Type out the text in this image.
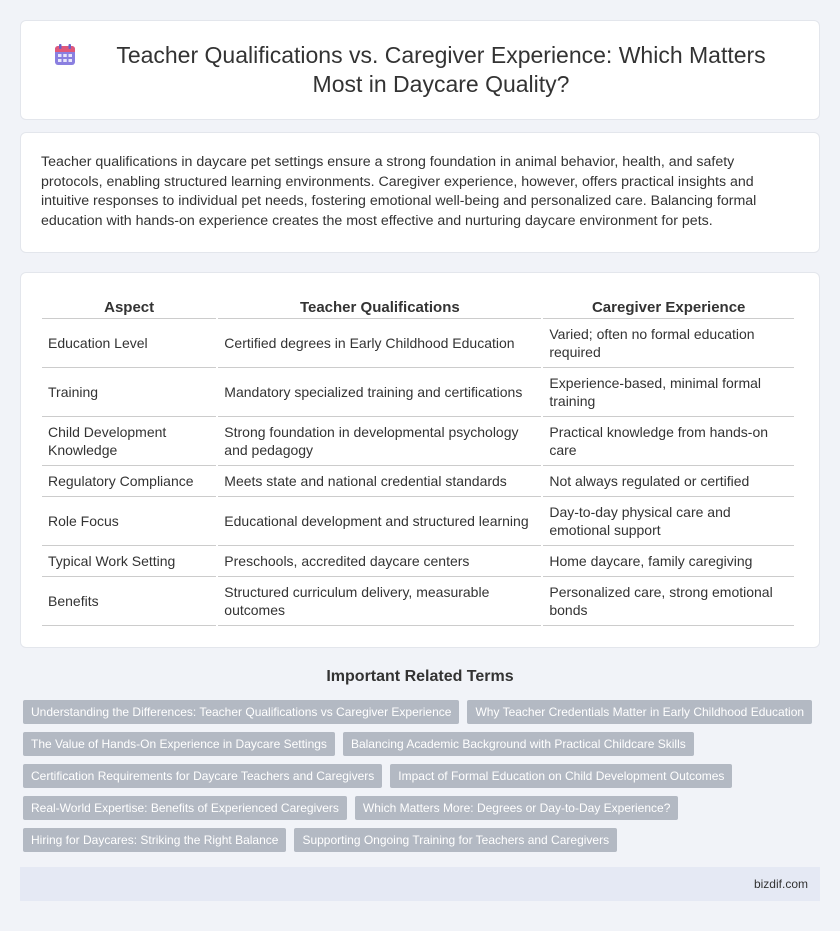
Teacher Qualifications vs. Caregiver Experience: Which Matters Most in Daycare Quality?

Teacher qualifications in daycare pet settings ensure a strong foundation in animal behavior, health, and safety protocols, enabling structured learning environments. Caregiver experience, however, offers practical insights and intuitive responses to individual pet needs, fostering emotional well-being and personalized care. Balancing formal education with hands-on experience creates the most effective and nurturing daycare environment for pets.

Aspect	Teacher Qualifications	Caregiver Experience
Education Level	Certified degrees in Early Childhood Education	Varied; often no formal education required
Training	Mandatory specialized training and certifications	Experience-based, minimal formal training
Child Development Knowledge	Strong foundation in developmental psychology and pedagogy	Practical knowledge from hands-on care
Regulatory Compliance	Meets state and national credential standards	Not always regulated or certified
Role Focus	Educational development and structured learning	Day-to-day physical care and emotional support
Typical Work Setting	Preschools, accredited daycare centers	Home daycare, family caregiving
Benefits	Structured curriculum delivery, measurable outcomes	Personalized care, strong emotional bonds
Important Related Terms
Understanding the Differences: Teacher Qualifications vs Caregiver Experience	Why Teacher Credentials Matter in Early Childhood Education
The Value of Hands-On Experience in Daycare Settings	Balancing Academic Background with Practical Childcare Skills
Certification Requirements for Daycare Teachers and Caregivers	Impact of Formal Education on Child Development Outcomes
Real-World Expertise: Benefits of Experienced Caregivers	Which Matters More: Degrees or Day-to-Day Experience?
Hiring for Daycares: Striking the Right Balance	Supporting Ongoing Training for Teachers and Caregivers
bizdif.com
